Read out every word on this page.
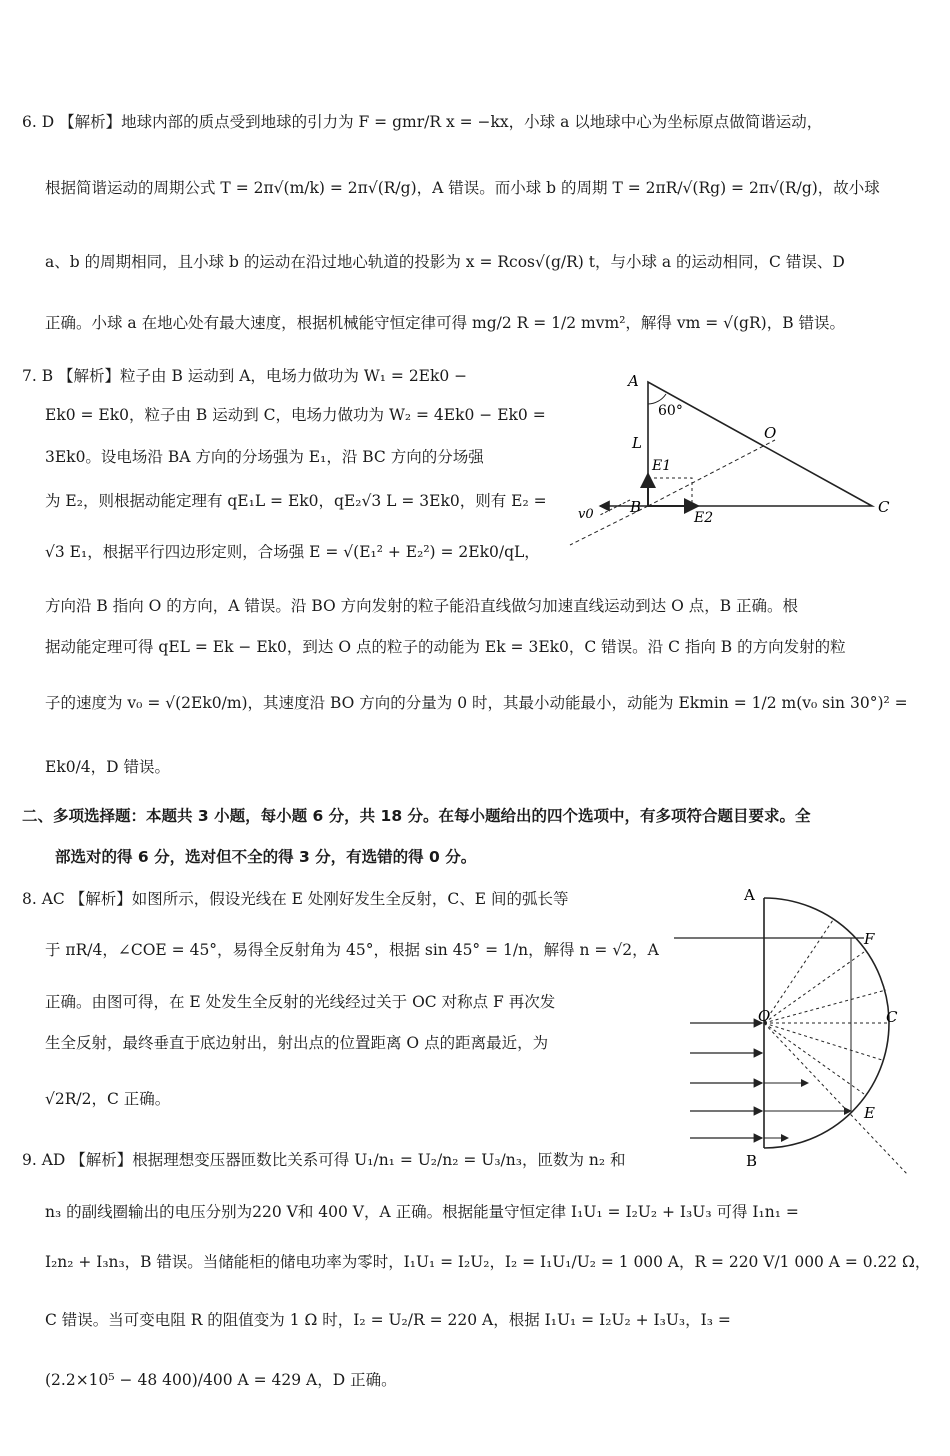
6. D 【解析】地球内部的质点受到地球的引力为 F = gmr/R x = −kx，小球 a 以地球中心为坐标原点做简谐运动，
根据简谐运动的周期公式 T = 2π√(m/k) = 2π√(R/g)，A 错误。而小球 b 的周期 T = 2πR/√(Rg) = 2π√(R/g)，故小球
a、b 的周期相同，且小球 b 的运动在沿过地心轨道的投影为 x = Rcos√(g/R) t，与小球 a 的运动相同，C 错误、D
正确。小球 a 在地心处有最大速度，根据机械能守恒定律可得 mg/2 R = 1/2 mvm²，解得 vm = √(gR)，B 错误。
7. B 【解析】粒子由 B 运动到 A，电场力做功为 W₁ = 2Ek0 −
Ek0 = Ek0，粒子由 B 运动到 C，电场力做功为 W₂ = 4Ek0 − Ek0 =
3Ek0。设电场沿 BA 方向的分场强为 E₁，沿 BC 方向的分场强
为 E₂，则根据动能定理有 qE₁L = Ek0，qE₂√3 L = 3Ek0，则有 E₂ =
√3 E₁，根据平行四边形定则，合场强 E = √(E₁² + E₂²) = 2Ek0/qL，
方向沿 B 指向 O 的方向，A 错误。沿 BO 方向发射的粒子能沿直线做匀加速直线运动到达 O 点，B 正确。根
据动能定理可得 qEL = Ek − Ek0，到达 O 点的粒子的动能为 Ek = 3Ek0，C 错误。沿 C 指向 B 的方向发射的粒
子的速度为 v₀ = √(2Ek0/m)，其速度沿 BO 方向的分量为 0 时，其最小动能最小，动能为 Ekmin = 1/2 m(v₀ sin 30°)² =
Ek0/4，D 错误。
A
60°
O
L
E1
B
E2
v0	C
二、多项选择题：本题共 3 小题，每小题 6 分，共 18 分。在每小题给出的四个选项中，有多项符合题目要求。全
部选对的得 6 分，选对但不全的得 3 分，有选错的得 0 分。
8. AC 【解析】如图所示，假设光线在 E 处刚好发生全反射，C、E 间的弧长等
于 πR/4，∠COE = 45°，易得全反射角为 45°，根据 sin 45° = 1/n，解得 n = √2，A
正确。由图可得，在 E 处发生全反射的光线经过关于 OC 对称点 F 再次发
生全反射，最终垂直于底边射出，射出点的位置距离 O 点的距离最近，为
√2R/2，C 正确。
A
F
O	C
E
B
9. AD 【解析】根据理想变压器匝数比关系可得 U₁/n₁ = U₂/n₂ = U₃/n₃，匝数为 n₂ 和
n₃ 的副线圈输出的电压分别为220 V和 400 V，A 正确。根据能量守恒定律 I₁U₁ = I₂U₂ + I₃U₃ 可得 I₁n₁ =
I₂n₂ + I₃n₃，B 错误。当储能柜的储电功率为零时，I₁U₁ = I₂U₂，I₂ = I₁U₁/U₂ = 1 000 A，R = 220 V/1 000 A = 0.22 Ω，
C 错误。当可变电阻 R 的阻值变为 1 Ω 时，I₂ = U₂/R = 220 A，根据 I₁U₁ = I₂U₂ + I₃U₃，I₃ =
(2.2×10⁵ − 48 400)/400 A = 429 A，D 正确。
